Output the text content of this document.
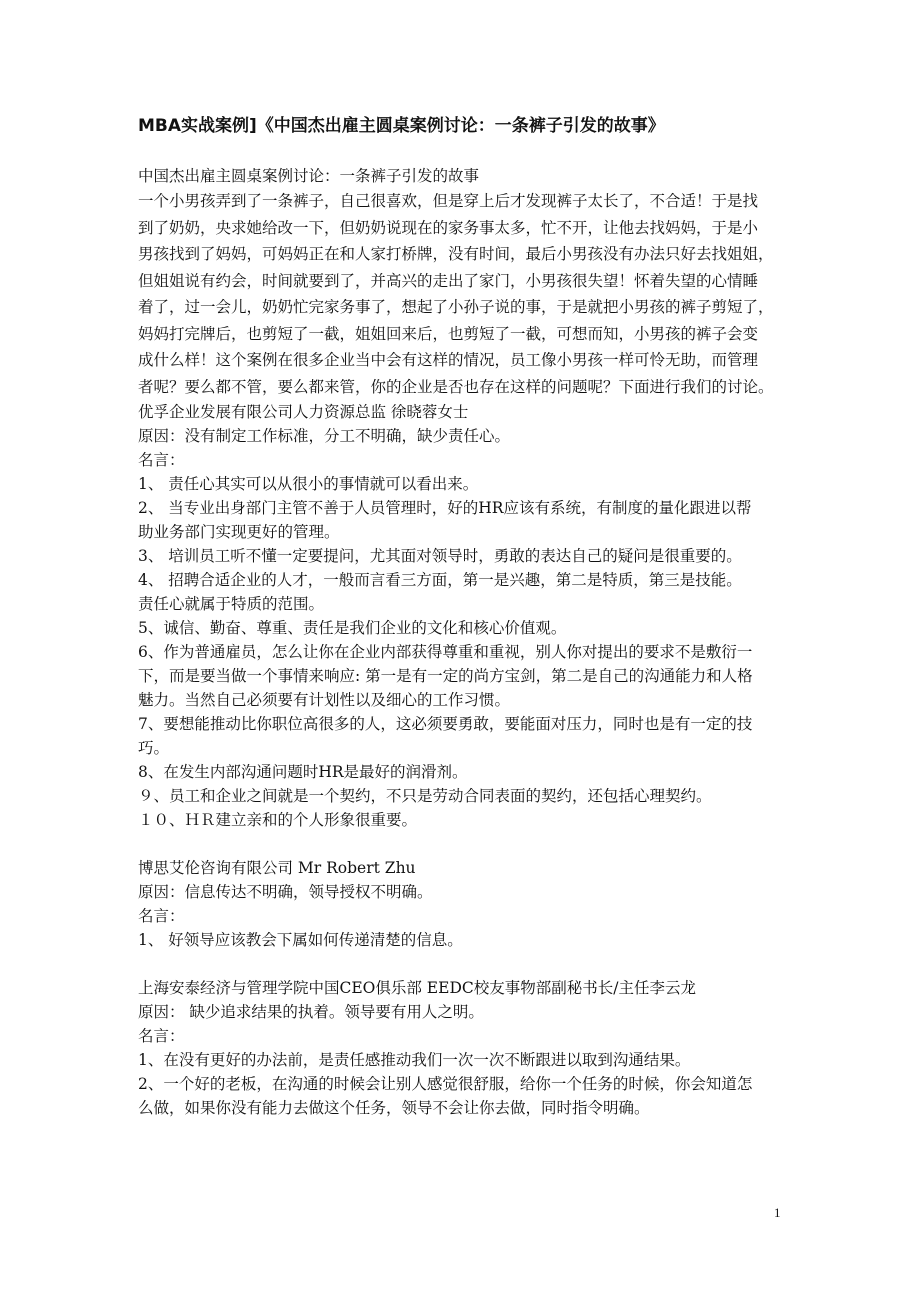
MBA实战案例]《中国杰出雇主圆桌案例讨论：一条裤子引发的故事》
中国杰出雇主圆桌案例讨论：一条裤子引发的故事
一个小男孩弄到了一条裤子，自己很喜欢，但是穿上后才发现裤子太长了，不合适！于是找
到了奶奶，央求她给改一下，但奶奶说现在的家务事太多，忙不开，让他去找妈妈，于是小
男孩找到了妈妈，可妈妈正在和人家打桥牌，没有时间，最后小男孩没有办法只好去找姐姐，
但姐姐说有约会，时间就要到了，并高兴的走出了家门，小男孩很失望！怀着失望的心情睡
着了，过一会儿，奶奶忙完家务事了，想起了小孙子说的事，于是就把小男孩的裤子剪短了，
妈妈打完牌后，也剪短了一截，姐姐回来后，也剪短了一截，可想而知，小男孩的裤子会变
成什么样！这个案例在很多企业当中会有这样的情况，员工像小男孩一样可怜无助，而管理
者呢？要么都不管，要么都来管，你的企业是否也存在这样的问题呢？下面进行我们的讨论。
优孚企业发展有限公司人力资源总监 徐晓蓉女士
原因：没有制定工作标准，分工不明确，缺少责任心。
名言：
1、 责任心其实可以从很小的事情就可以看出来。
2、 当专业出身部门主管不善于人员管理时，好的HR应该有系统，有制度的量化跟进以帮
助业务部门实现更好的管理。
3、 培训员工听不懂一定要提问，尤其面对领导时，勇敢的表达自己的疑问是很重要的。
4、 招聘合适企业的人才，一般而言看三方面，第一是兴趣，第二是特质，第三是技能。
责任心就属于特质的范围。
5、诚信、勤奋、尊重、责任是我们企业的文化和核心价值观。
6、作为普通雇员，怎么让你在企业内部获得尊重和重视，别人你对提出的要求不是敷衍一
下，而是要当做一个事情来响应: 第一是有一定的尚方宝剑，第二是自己的沟通能力和人格
魅力。当然自己必须要有计划性以及细心的工作习惯。
7、要想能推动比你职位高很多的人，这必须要勇敢，要能面对压力，同时也是有一定的技
巧。
8、在发生内部沟通问题时HR是最好的润滑剂。
９、员工和企业之间就是一个契约，不只是劳动合同表面的契约，还包括心理契约。
１０、ＨＲ建立亲和的个人形象很重要。
博思艾伦咨询有限公司 Mr Robert Zhu
原因：信息传达不明确，领导授权不明确。
名言：
1、 好领导应该教会下属如何传递清楚的信息。
上海安泰经济与管理学院中国CEO俱乐部 EEDC校友事物部副秘书长/主任李云龙
原因： 缺少追求结果的执着。领导要有用人之明。
名言：
1、在没有更好的办法前，是责任感推动我们一次一次不断跟进以取到沟通结果。
2、一个好的老板，在沟通的时候会让别人感觉很舒服，给你一个任务的时候，你会知道怎
么做，如果你没有能力去做这个任务，领导不会让你去做，同时指令明确。
1
